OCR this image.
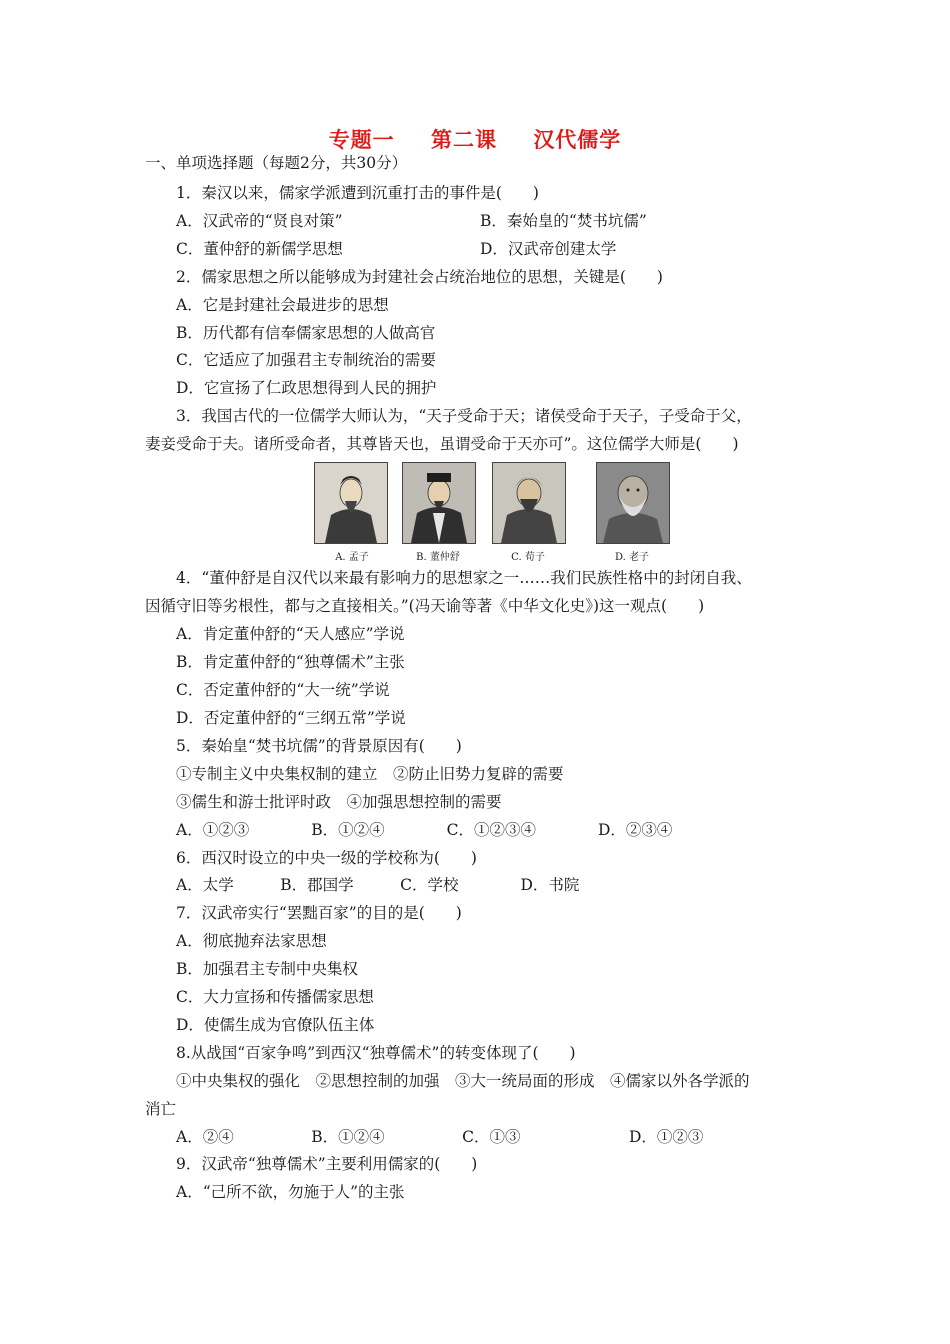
专题一 第二课 汉代儒学
一、单项选择题（每题2分，共30分）
1．秦汉以来，儒家学派遭到沉重打击的事件是(　　)
A．汉武帝的“贤良对策”	B．秦始皇的“焚书坑儒”
C．董仲舒的新儒学思想	D．汉武帝创建太学
2．儒家思想之所以能够成为封建社会占统治地位的思想，关键是(　　)
A．它是封建社会最进步的思想
B．历代都有信奉儒家思想的人做高官
C．它适应了加强君主专制统治的需要
D．它宣扬了仁政思想得到人民的拥护
3．我国古代的一位儒学大师认为，“天子受命于天；诸侯受命于天子，子受命于父，
妻妾受命于夫。诸所受命者，其尊皆天也，虽谓受命于天亦可”。这位儒学大师是(　　)
A. 孟子	B. 董仲舒	C. 荀子	D. 老子
4．“董仲舒是自汉代以来最有影响力的思想家之一……我们民族性格中的封闭自我、
因循守旧等劣根性，都与之直接相关。”(冯天谕等著《中华文化史》)这一观点(　　)
A．肯定董仲舒的“天人感应”学说
B．肯定董仲舒的“独尊儒术”主张
C．否定董仲舒的“大一统”学说
D．否定董仲舒的“三纲五常”学说
5．秦始皇“焚书坑儒”的背景原因有(　　)
①专制主义中央集权制的建立　②防止旧势力复辟的需要
③儒生和游士批评时政　④加强思想控制的需要
A．①②③　　　　B．①②④　　　　C．①②③④　　　　D．②③④
6．西汉时设立的中央一级的学校称为(　　)
A．太学　　　B．郡国学　　　C．学校　　　　D．书院
7．汉武帝实行“罢黜百家”的目的是(　　)
A．彻底抛弃法家思想
B．加强君主专制中央集权
C．大力宣扬和传播儒家思想
D．使儒生成为官僚队伍主体
8.从战国“百家争鸣”到西汉“独尊儒术”的转变体现了(　　)
①中央集权的强化　②思想控制的加强　③大一统局面的形成　④儒家以外各学派的
消亡
A．②④　　　　　B．①②④　　　　　C．①③　　　　　　　D．①②③
9．汉武帝“独尊儒术”主要利用儒家的(　　)
A．“己所不欲，勿施于人”的主张
